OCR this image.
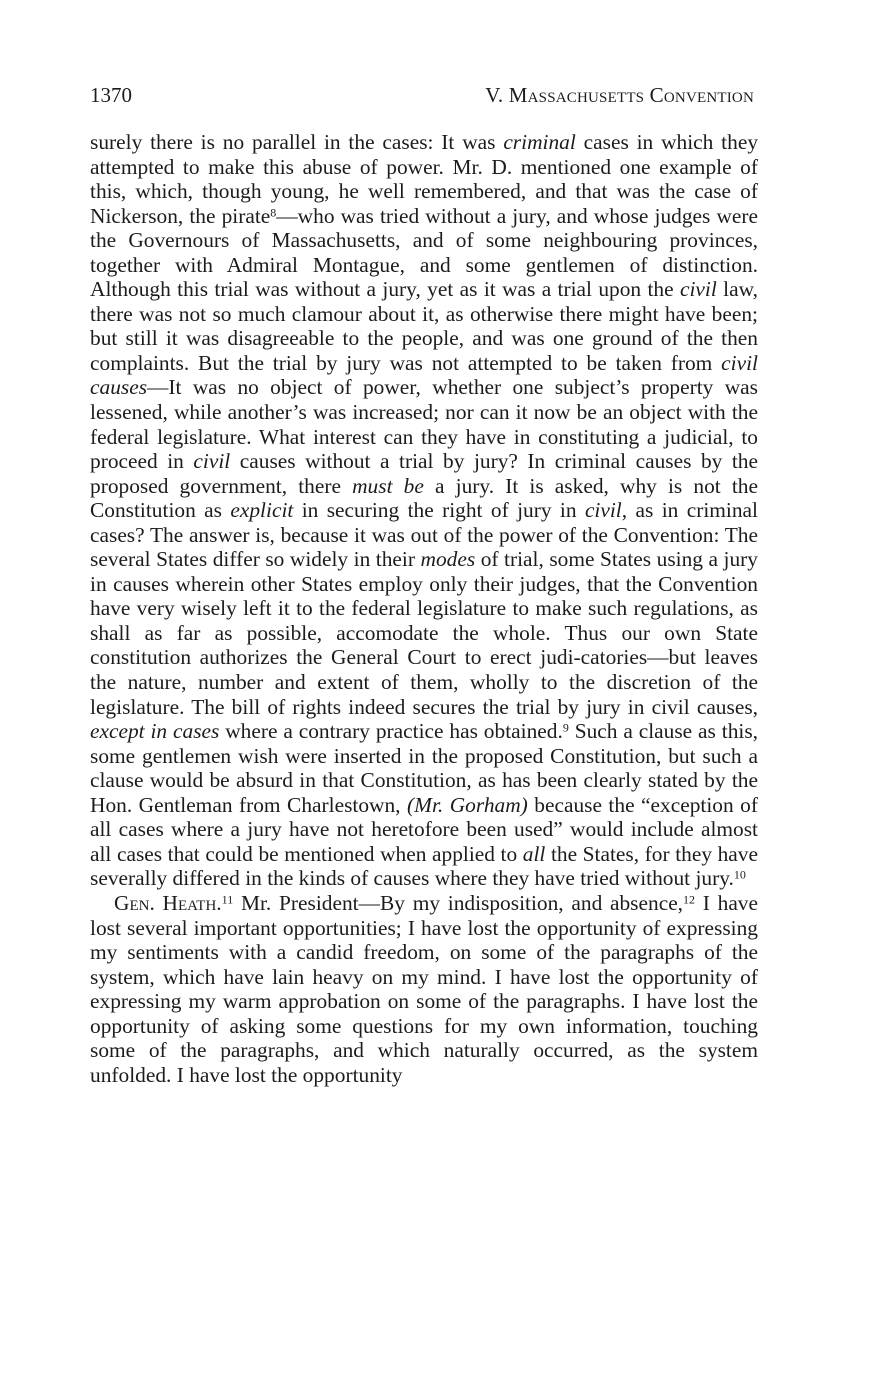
1370	V. Massachusetts Convention

surely there is no parallel in the cases: It was criminal cases in which they attempted to make this abuse of power. Mr. D. mentioned one example of this, which, though young, he well remembered, and that was the case of Nickerson, the pirate$^8$—who was tried without a jury, and whose judges were the Governours of Massachusetts, and of some neighbouring provinces, together with Admiral Montague, and some gentlemen of distinction. Although this trial was without a jury, yet as it was a trial upon the civil law, there was not so much clamour about it, as otherwise there might have been; but still it was disagreeable to the people, and was one ground of the then complaints. But the trial by jury was not attempted to be taken from civil causes—It was no object of power, whether one subject’s property was lessened, while another’s was increased; nor can it now be an object with the federal legislature. What interest can they have in constituting a judicial, to proceed in civil causes without a trial by jury? In criminal causes by the proposed government, there must be a jury. It is asked, why is not the Constitution as explicit in securing the right of jury in civil, as in criminal cases? The answer is, because it was out of the power of the Convention: The several States differ so widely in their modes of trial, some States using a jury in causes wherein other States employ only their judges, that the Convention have very wisely left it to the federal legislature to make such regulations, as shall as far as possible, accomodate the whole. Thus our own State constitution authorizes the General Court to erect judi-catories—but leaves the nature, number and extent of them, wholly to the discretion of the legislature. The bill of rights indeed secures the trial by jury in civil causes, except in cases where a contrary practice has obtained.$^9$ Such a clause as this, some gentlemen wish were inserted in the proposed Constitution, but such a clause would be absurd in that Constitution, as has been clearly stated by the Hon. Gentleman from Charlestown, (Mr. Gorham) because the “exception of all cases where a jury have not heretofore been used” would include almost all cases that could be mentioned when applied to all the States, for they have severally differed in the kinds of causes where they have tried without jury.$^{10}$

Gen. Heath.$^{11}$ Mr. President—By my indisposition, and absence,$^{12}$ I have lost several important opportunities; I have lost the opportunity of expressing my sentiments with a candid freedom, on some of the paragraphs of the system, which have lain heavy on my mind. I have lost the opportunity of expressing my warm approbation on some of the paragraphs. I have lost the opportunity of asking some questions for my own information, touching some of the paragraphs, and which naturally occurred, as the system unfolded. I have lost the opportunity
